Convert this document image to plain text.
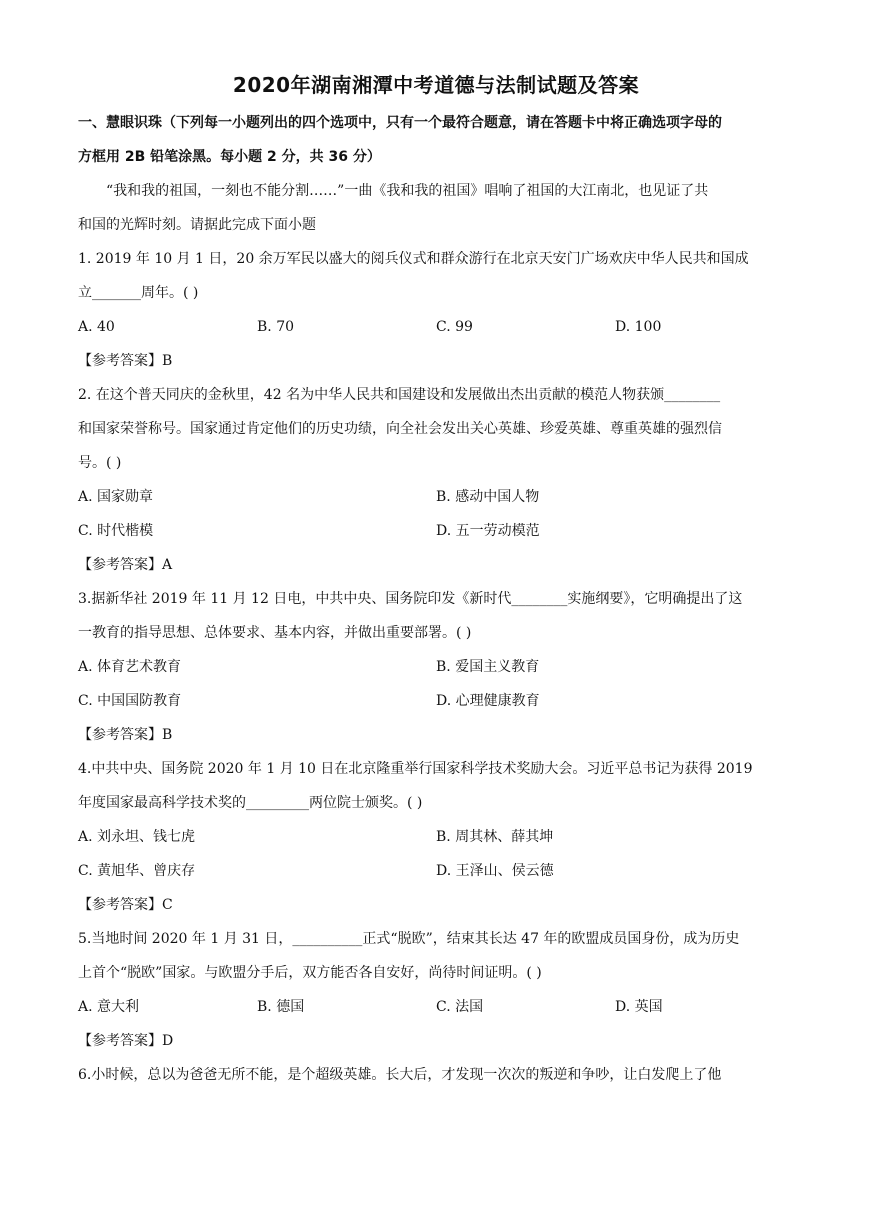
2020年湖南湘潭中考道德与法制试题及答案

一、慧眼识珠（下列每一小题列出的四个选项中，只有一个最符合题意，请在答题卡中将正确选项字母的
方框用 2B 铅笔涂黑。每小题 2 分，共 36 分）

“我和我的祖国，一刻也不能分割……”一曲《我和我的祖国》唱响了祖国的大江南北，也见证了共
和国的光辉时刻。请据此完成下面小题

1. 2019 年 10 月 1 日，20 余万军民以盛大的阅兵仪式和群众游行在北京天安门广场欢庆中华人民共和国成
立_______周年。( )

A. 40	B. 70	C. 99	D. 100

【参考答案】B

2. 在这个普天同庆的金秋里，42 名为中华人民共和国建设和发展做出杰出贡献的模范人物获颁________
和国家荣誉称号。国家通过肯定他们的历史功绩，向全社会发出关心英雄、珍爱英雄、尊重英雄的强烈信
号。( )

A. 国家勋章	B. 感动中国人物
C. 时代楷模	D. 五一劳动模范

【参考答案】A

3.据新华社 2019 年 11 月 12 日电，中共中央、国务院印发《新时代________实施纲要》，它明确提出了这
一教育的指导思想、总体要求、基本内容，并做出重要部署。( )

A. 体育艺术教育	B. 爱国主义教育
C. 中国国防教育	D. 心理健康教育

【参考答案】B

4.中共中央、国务院 2020 年 1 月 10 日在北京隆重举行国家科学技术奖励大会。习近平总书记为获得 2019
年度国家最高科学技术奖的_________两位院士颁奖。( )

A. 刘永坦、钱七虎	B. 周其林、薛其坤
C. 黄旭华、曾庆存	D. 王泽山、侯云德

【参考答案】C

5.当地时间 2020 年 1 月 31 日，__________正式“脱欧”，结束其长达 47 年的欧盟成员国身份，成为历史
上首个“脱欧”国家。与欧盟分手后，双方能否各自安好，尚待时间证明。( )

A. 意大利	B. 德国	C. 法国	D. 英国

【参考答案】D

6.小时候，总以为爸爸无所不能，是个超级英雄。长大后，才发现一次次的叛逆和争吵，让白发爬上了他
